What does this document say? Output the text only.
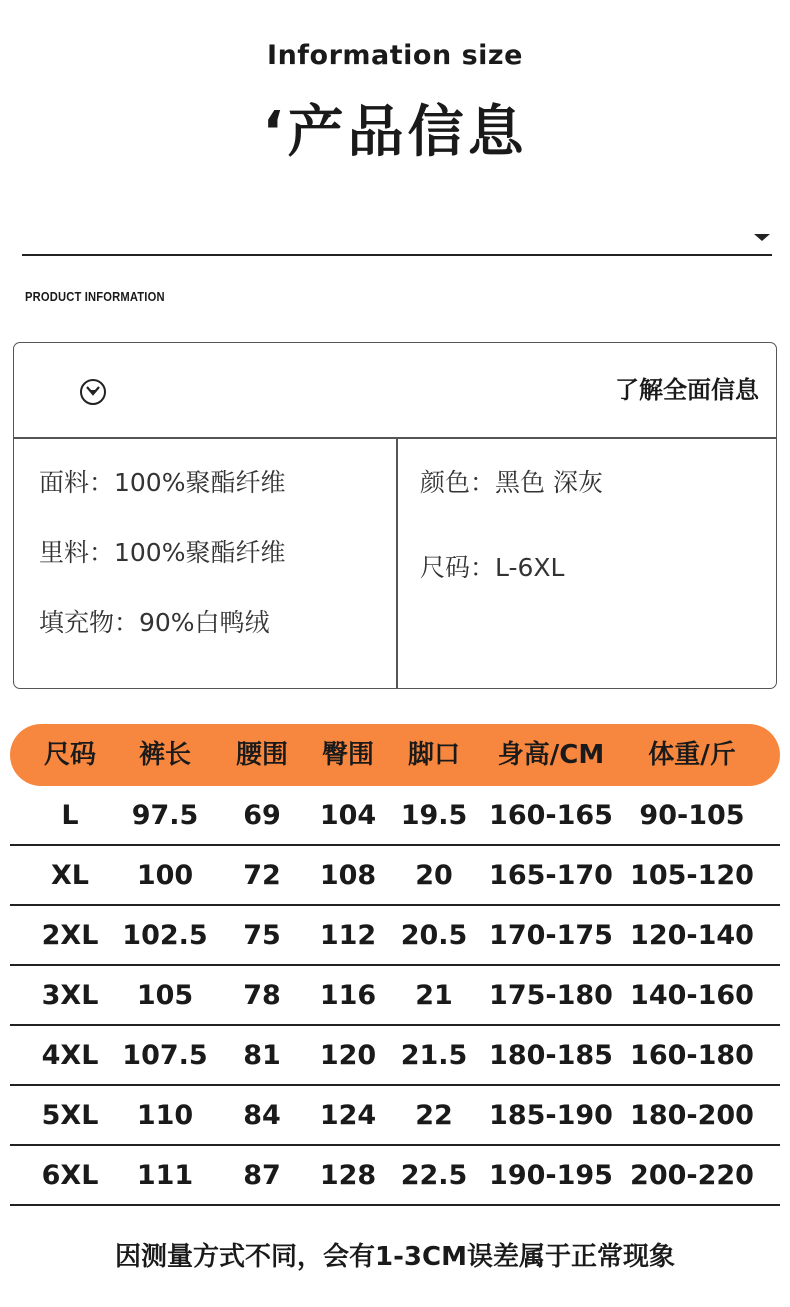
Information size
‘产品信息
PRODUCT INFORMATION
了解全面信息
面料：100%聚酯纤维
里料：100%聚酯纤维
填充物：90%白鸭绒
颜色：黑色 深灰
尺码：L-6XL
尺码 裤长 腰围 臀围 脚口 身高/CM 体重/斤
L 97.5 69 104 19.5 160-165 90-105
XL 100 72 108 20 165-170 105-120
2XL 102.5 75 112 20.5 170-175 120-140
3XL 105 78 116 21 175-180 140-160
4XL 107.5 81 120 21.5 180-185 160-180
5XL 110 84 124 22 185-190 180-200
6XL 111 87 128 22.5 190-195 200-220
因测量方式不同，会有1-3CM误差属于正常现象
